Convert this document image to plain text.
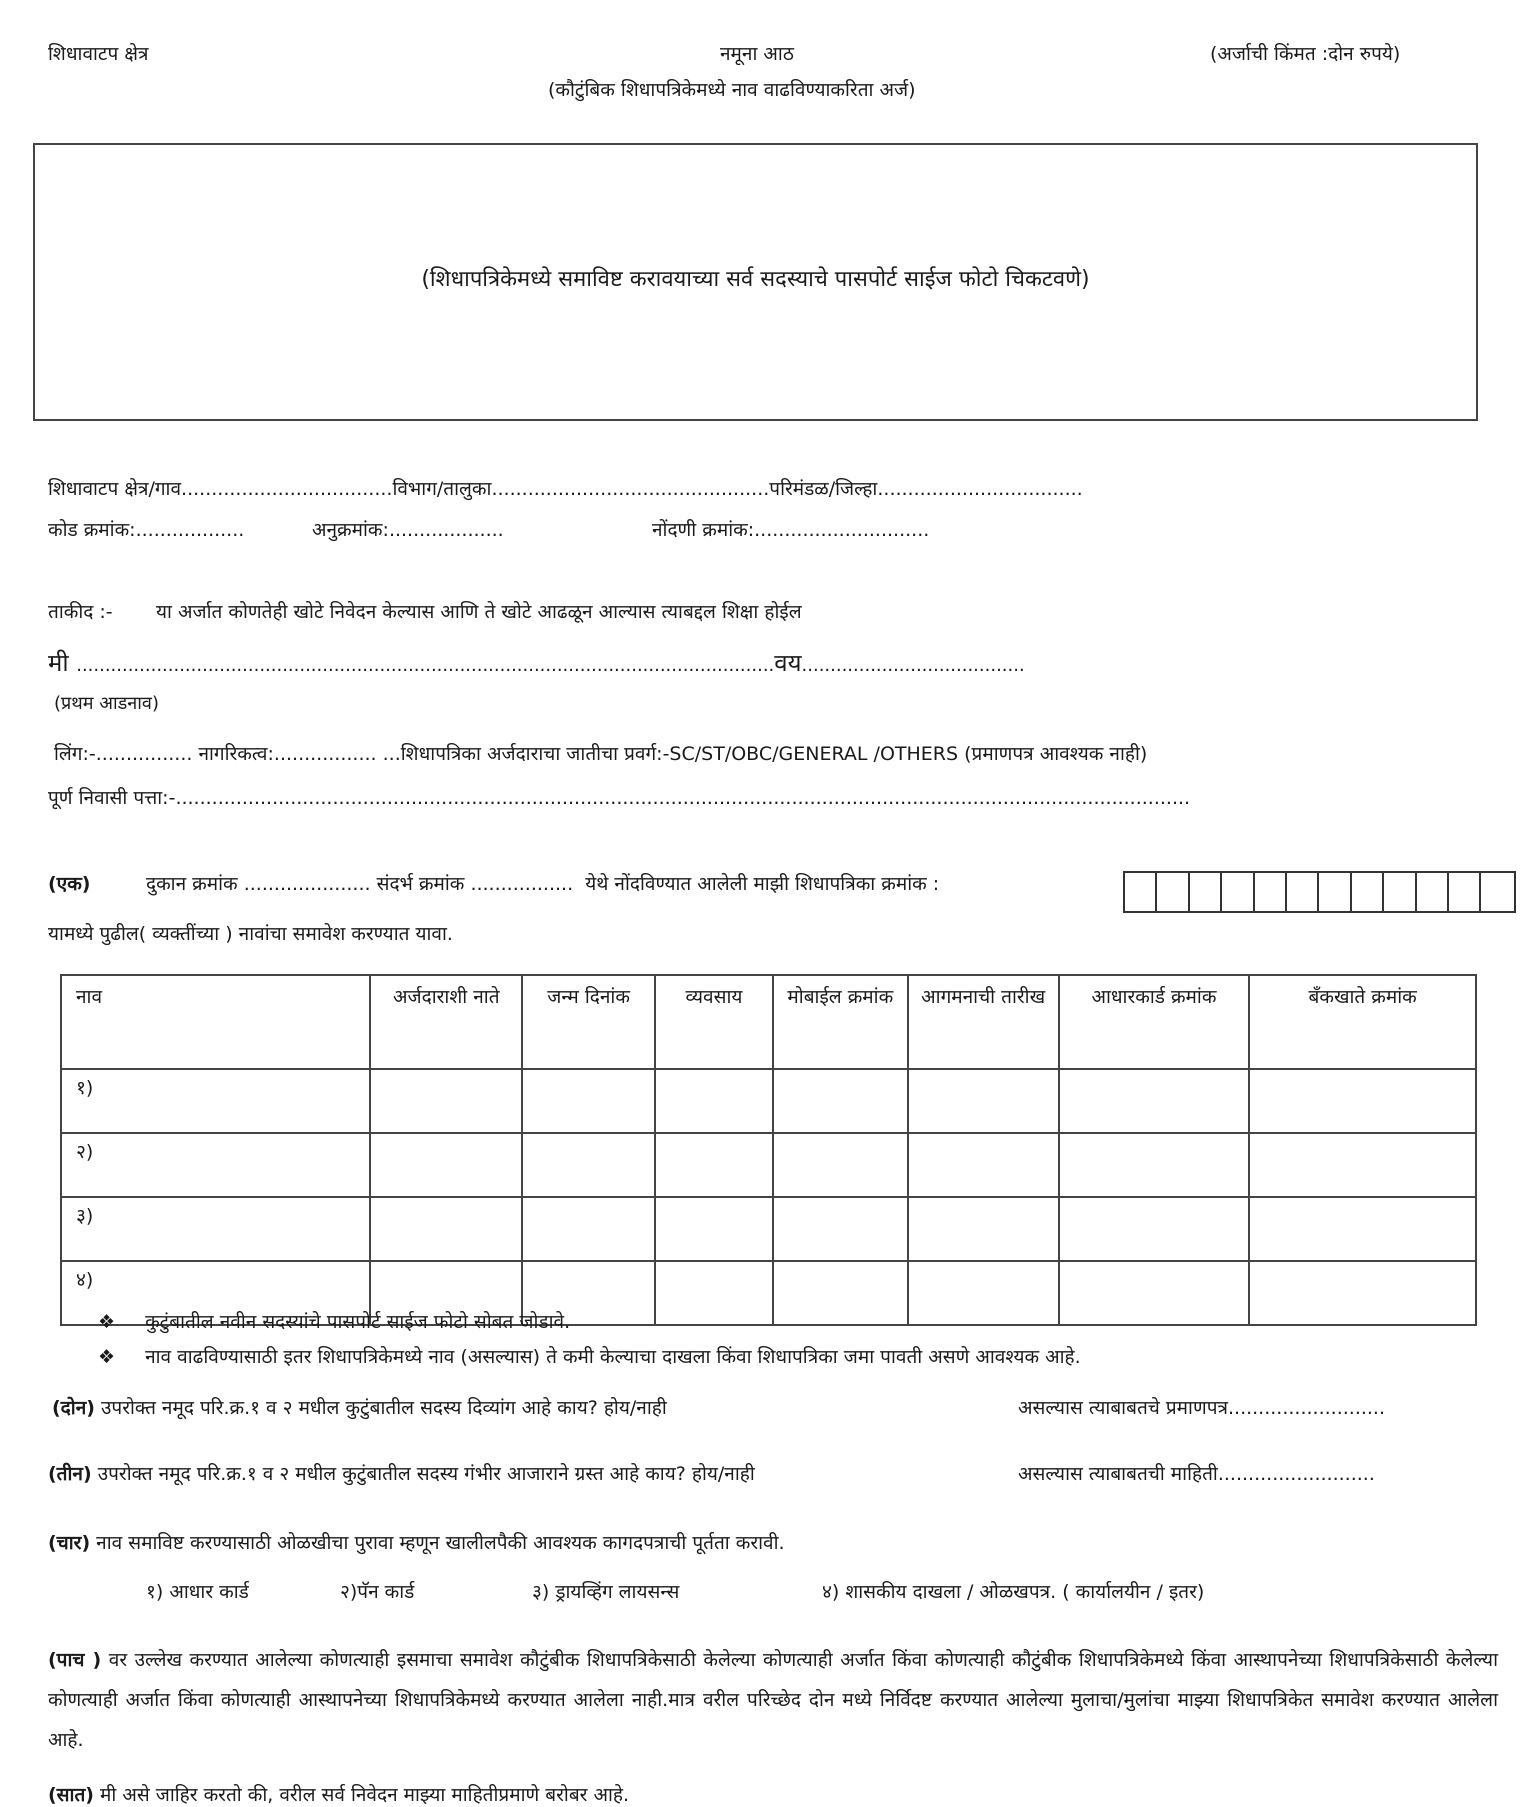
शिधावाटप क्षेत्र	नमूना आठ	(अर्जाची किंमत :दोन रुपये)
(कौटुंबिक शिधापत्रिकेमध्ये नाव वाढविण्याकरिता अर्ज)
(शिधापत्रिकेमध्ये समाविष्ट करावयाच्या सर्व सदस्याचे पासपोर्ट साईज फोटो चिकटवणे)
शिधावाटप क्षेत्र/गाव...................................विभाग/तालुका..............................................परिमंडळ/जिल्हा..................................
कोड क्रमांक:..................	अनुक्रमांक:...................	नोंदणी क्रमांक:.............................
ताकीद :- या अर्जात कोणतेही खोटे निवेदन केल्यास आणि ते खोटे आढळून आल्यास त्याबद्दल शिक्षा होईल
मी ..........................................................................................................................वय.......................................
(प्रथम आडनाव)
लिंग:-................ नागरिकत्व:................. ...शिधापत्रिका अर्जदाराचा जातीचा प्रवर्ग:-SC/ST/OBC/GENERAL /OTHERS (प्रमाणपत्र आवश्यक नाही)
पूर्ण निवासी पत्ता:-........................................................................................................................................................................
(एक)	दुकान क्रमांक ..................... संदर्भ क्रमांक ................. येथे नोंदविण्यात आलेली माझी शिधापत्रिका क्रमांक :
यामध्ये पुढील( व्यक्तींच्या ) नावांचा समावेश करण्यात यावा.
नाव	अर्जदाराशी नाते	जन्म दिनांक	व्यवसाय	मोबाईल क्रमांक	आगमनाची तारीख	आधारकार्ड क्रमांक	बँकखाते क्रमांक
१)							
२)							
३)							
४)							
❖ कुटुंबातील नवीन सदस्यांचे पासपोर्ट साईज फोटो सोबत जोडावे.
❖ नाव वाढविण्यासाठी इतर शिधापत्रिकेमध्ये नाव (असल्यास) ते कमी केल्याचा दाखला किंवा शिधापत्रिका जमा पावती असणे आवश्यक आहे.
(दोन) उपरोक्त नमूद परि.क्र.१ व २ मधील कुटुंबातील सदस्य दिव्यांग आहे काय? होय/नाही	असल्यास त्याबाबतचे प्रमाणपत्र..........................
(तीन) उपरोक्त नमूद परि.क्र.१ व २ मधील कुटुंबातील सदस्य गंभीर आजाराने ग्रस्त आहे काय? होय/नाही	असल्यास त्याबाबतची माहिती..........................
(चार) नाव समाविष्ट करण्यासाठी ओळखीचा पुरावा म्हणून खालीलपैकी आवश्यक कागदपत्राची पूर्तता करावी.
१) आधार कार्ड	२)पॅन कार्ड	३) ड्रायव्हिंग लायसन्स	४) शासकीय दाखला / ओळखपत्र. ( कार्यालयीन / इतर)
(पाच ) वर उल्लेख करण्यात आलेल्या कोणत्याही इसमाचा समावेश कौटुंबीक शिधापत्रिकेसाठी केलेल्या कोणत्याही अर्जात किंवा कोणत्याही कौटुंबीक शिधापत्रिकेमध्ये किंवा आस्थापनेच्या शिधापत्रिकेसाठी केलेल्या कोणत्याही अर्जात किंवा कोणत्याही आस्थापनेच्या शिधापत्रिकेमध्ये करण्यात आलेला नाही.मात्र वरील परिच्छेद दोन मध्ये निर्विदष्ट करण्यात आलेल्या मुलाचा/मुलांचा माझ्या शिधापत्रिकेत समावेश करण्यात आलेला आहे.
(सात) मी असे जाहिर करतो की, वरील सर्व निवेदन माझ्या माहितीप्रमाणे बरोबर आहे.
